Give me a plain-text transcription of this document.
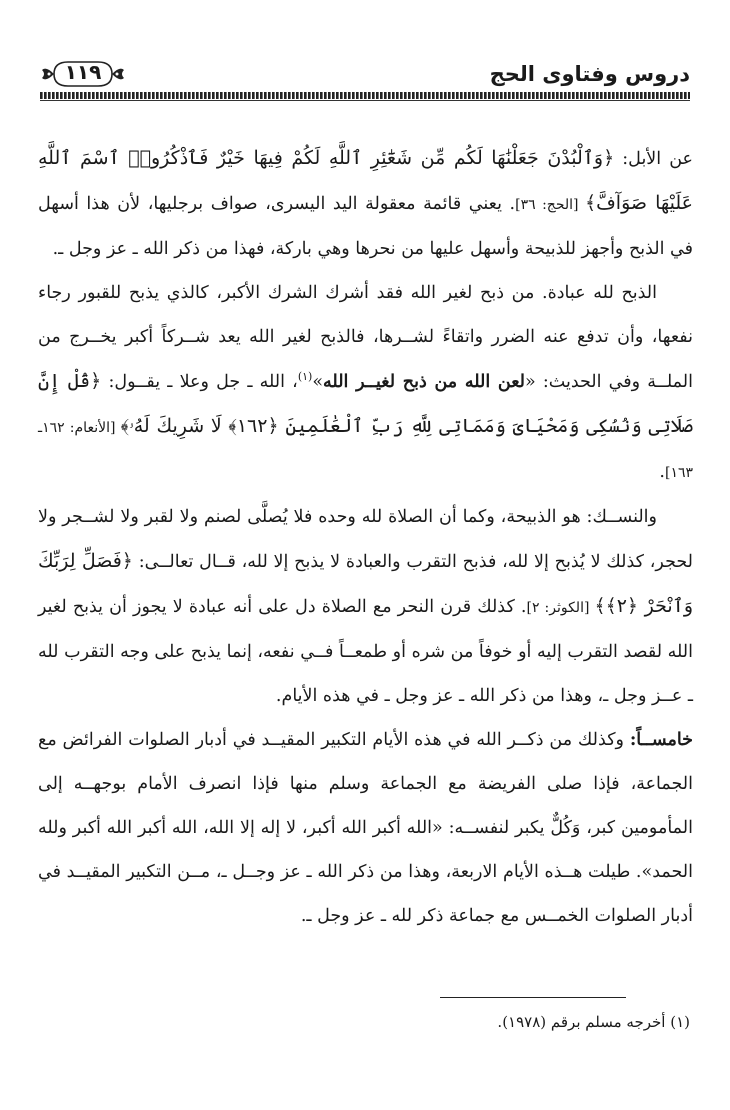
دروس وفتاوى الحج
١١٩

عن الأبل: ﴿وَٱلْبُدْنَ جَعَلْنَٰهَا لَكُم مِّن شَعَٰٓئِرِ ٱللَّهِ لَكُمْ فِيهَا خَيْرٌ فَٱذْكُرُوا۟ ٱسْمَ ٱللَّهِ عَلَيْهَا صَوَآفَّ﴾ [الحج: ٣٦]. يعني قائمة معقولة اليد اليسرى، صواف برجليها، لأن هذا أسهل في الذبح وأجهز للذبيحة وأسهل عليها من نحرها وهي باركة، فهذا من ذكر الله ـ عز وجل ـ.

الذبح لله عبادة. من ذبح لغير الله فقد أشرك الشرك الأكبر، كالذي يذبح للقبور رجاء نفعها، وأن تدفع عنه الضرر واتقاءً لشــرها، فالذبح لغير الله يعد شــركاً أكبر يخــرج من الملــة وفي الحديث: «لعن الله من ذبح لغيــر الله»$^{(١)}$، الله ـ جل وعلا ـ يقــول: ﴿قُلْ إِنَّ صَلَاتِى وَنُسُكِى وَمَحْيَاىَ وَمَمَاتِى لِلَّهِ رَبِّ ٱلْعَٰلَمِينَ ﴿١٦٢﴾ لَا شَرِيكَ لَهُۥ﴾ [الأنعام: ١٦٢ـ ١٦٣].

والنســك: هو الذبيحة، وكما أن الصلاة لله وحده فلا يُصلَّى لصنم ولا لقبر ولا لشــجر ولا لحجر، كذلك لا يُذبح إلا لله، فذبح التقرب والعبادة لا يذبح إلا لله، قــال تعالــى: ﴿فَصَلِّ لِرَبِّكَ وَٱنْحَرْ ﴿٢﴾﴾ [الكوثر: ٢]. كذلك قرن النحر مع الصلاة دل على أنه عبادة لا يجوز أن يذبح لغير الله لقصد التقرب إليه أو خوفاً من شره أو طمعــاً فــي نفعه، إنما يذبح على وجه التقرب لله ـ عــز وجل ـ، وهذا من ذكر الله ـ عز وجل ـ في هذه الأيام.

خامســاً: وكذلك من ذكــر الله في هذه الأيام التكبير المقيــد في أدبار الصلوات الفرائض مع الجماعة، فإذا صلى الفريضة مع الجماعة وسلم منها فإذا انصرف الأمام بوجهــه إلى المأمومين كبر، وَكُلٌّ يكبر لنفســه: «الله أكبر الله أكبر، لا إله إلا الله، الله أكبر الله أكبر ولله الحمد». طيلت هــذه الأيام الاربعة، وهذا من ذكر الله ـ عز وجــل ـ، مــن التكبير المقيــد في أدبار الصلوات الخمــس مع جماعة ذكر لله ـ عز وجل ـ.

(١) أخرجه مسلم برقم (١٩٧٨).
